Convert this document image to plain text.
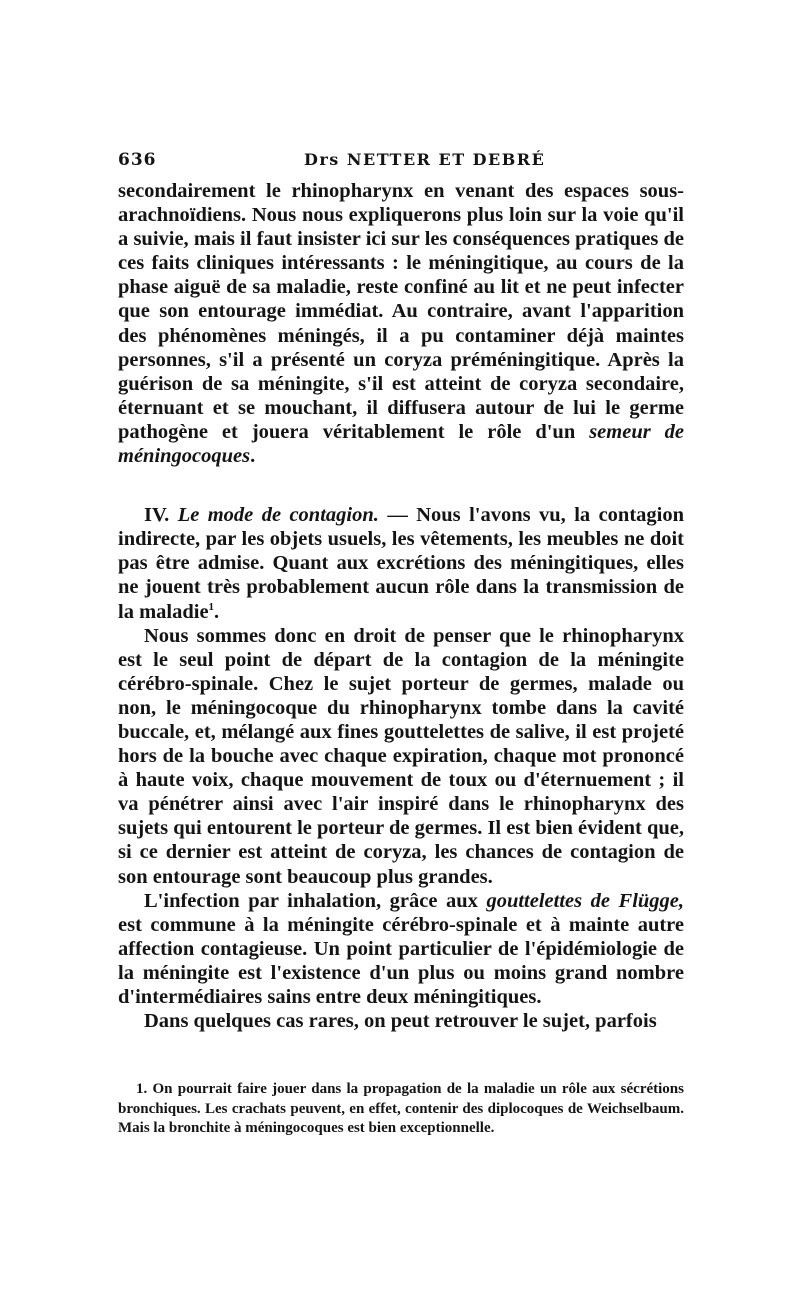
636	Drs NETTER ET DEBRÉ

secondairement le rhinopharynx en venant des espaces sous-arachnoïdiens. Nous nous expliquerons plus loin sur la voie qu'il a suivie, mais il faut insister ici sur les conséquences pratiques de ces faits cliniques intéressants : le méningitique, au cours de la phase aiguë de sa maladie, reste confiné au lit et ne peut infecter que son entourage immédiat. Au contraire, avant l'apparition des phénomènes méningés, il a pu contaminer déjà maintes personnes, s'il a présenté un coryza préméningitique. Après la guérison de sa méningite, s'il est atteint de coryza secondaire, éternuant et se mouchant, il diffusera autour de lui le germe pathogène et jouera véritablement le rôle d'un semeur de méningocoques.

IV. Le mode de contagion. — Nous l'avons vu, la contagion indirecte, par les objets usuels, les vêtements, les meubles ne doit pas être admise. Quant aux excrétions des méningitiques, elles ne jouent très probablement aucun rôle dans la transmission de la maladie$^1$.

Nous sommes donc en droit de penser que le rhinopharynx est le seul point de départ de la contagion de la méningite cérébro-spinale. Chez le sujet porteur de germes, malade ou non, le méningocoque du rhinopharynx tombe dans la cavité buccale, et, mélangé aux fines gouttelettes de salive, il est projeté hors de la bouche avec chaque expiration, chaque mot prononcé à haute voix, chaque mouvement de toux ou d'éternuement ; il va pénétrer ainsi avec l'air inspiré dans le rhinopharynx des sujets qui entourent le porteur de germes. Il est bien évident que, si ce dernier est atteint de coryza, les chances de contagion de son entourage sont beaucoup plus grandes.

L'infection par inhalation, grâce aux gouttelettes de Flügge, est commune à la méningite cérébro-spinale et à mainte autre affection contagieuse. Un point particulier de l'épidémiologie de la méningite est l'existence d'un plus ou moins grand nombre d'intermédiaires sains entre deux méningitiques.

Dans quelques cas rares, on peut retrouver le sujet, parfois

1. On pourrait faire jouer dans la propagation de la maladie un rôle aux sécrétions bronchiques. Les crachats peuvent, en effet, contenir des diplocoques de Weichselbaum. Mais la bronchite à méningocoques est bien exceptionnelle.
